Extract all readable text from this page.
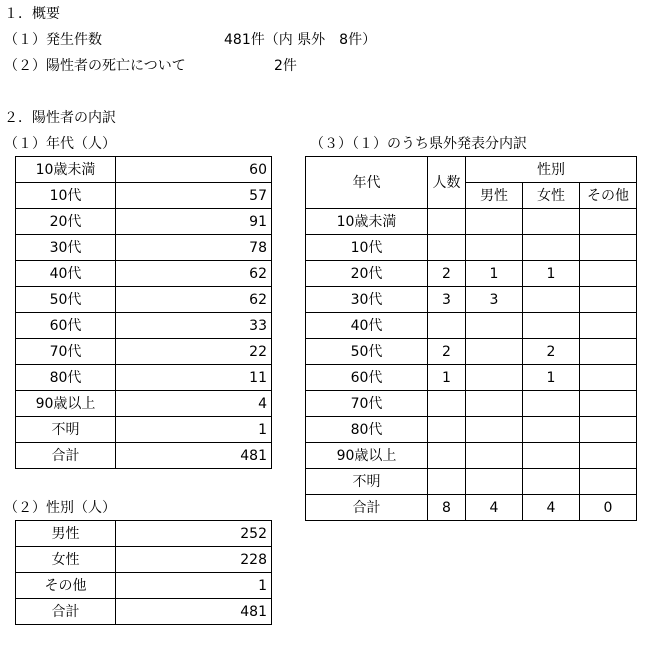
１．概要
（１）発生件数	481件（内 県外　8件）
（２）陽性者の死亡について	2件
２．陽性者の内訳
（１）年代（人）
10歳未満	60
10代	57
20代	91
30代	78
40代	62
50代	62
60代	33
70代	22
80代	11
90歳以上	4
不明	1
合計	481
（２）性別（人）
男性	252
女性	228
その他	1
合計	481
（３）（１）のうち県外発表分内訳
年代	人数	性別		
		男性	女性	その他
10歳未満				
10代				
20代	2	1	1	
30代	3	3		
40代				
50代	2		2	
60代	1		1	
70代				
80代				
90歳以上				
不明				
合計	8	4	4	0
